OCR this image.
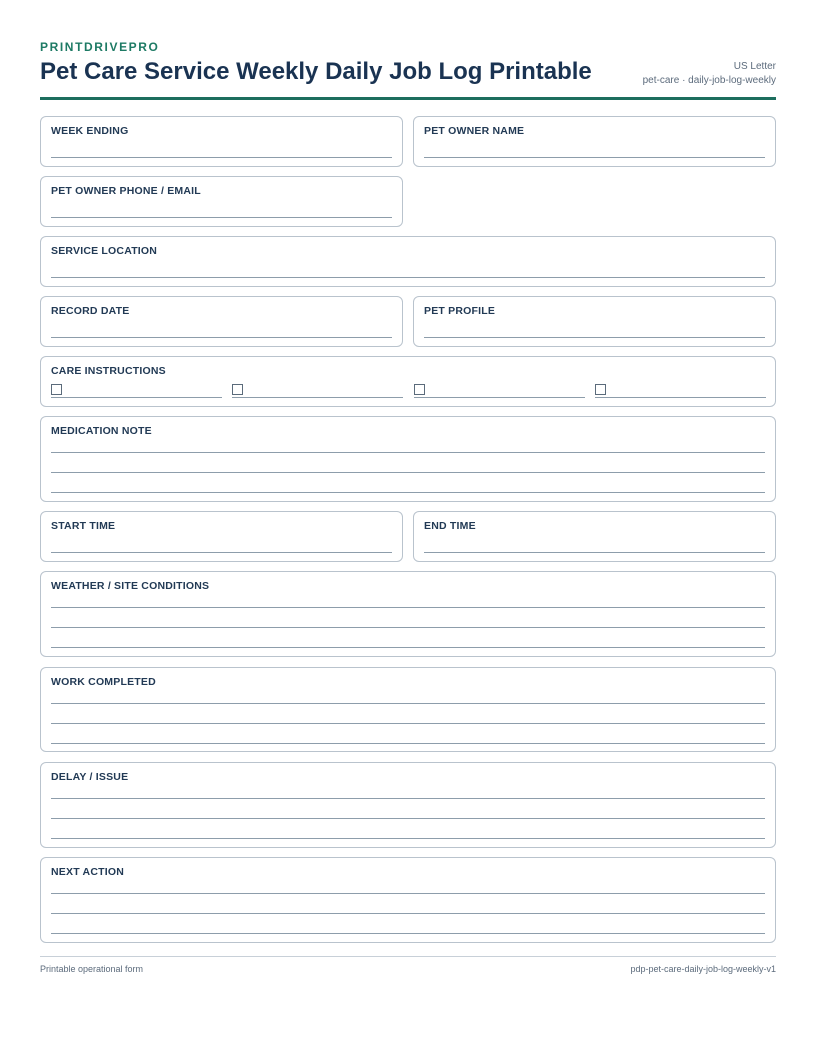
PRINTDRIVEPRO
Pet Care Service Weekly Daily Job Log Printable	US Letter
pet-care · daily-job-log-weekly
WEEK ENDING	PET OWNER NAME
PET OWNER PHONE / EMAIL
SERVICE LOCATION
RECORD DATE	PET PROFILE
CARE INSTRUCTIONS
MEDICATION NOTE
START TIME	END TIME
WEATHER / SITE CONDITIONS
WORK COMPLETED
DELAY / ISSUE
NEXT ACTION
Printable operational form	pdp-pet-care-daily-job-log-weekly-v1
